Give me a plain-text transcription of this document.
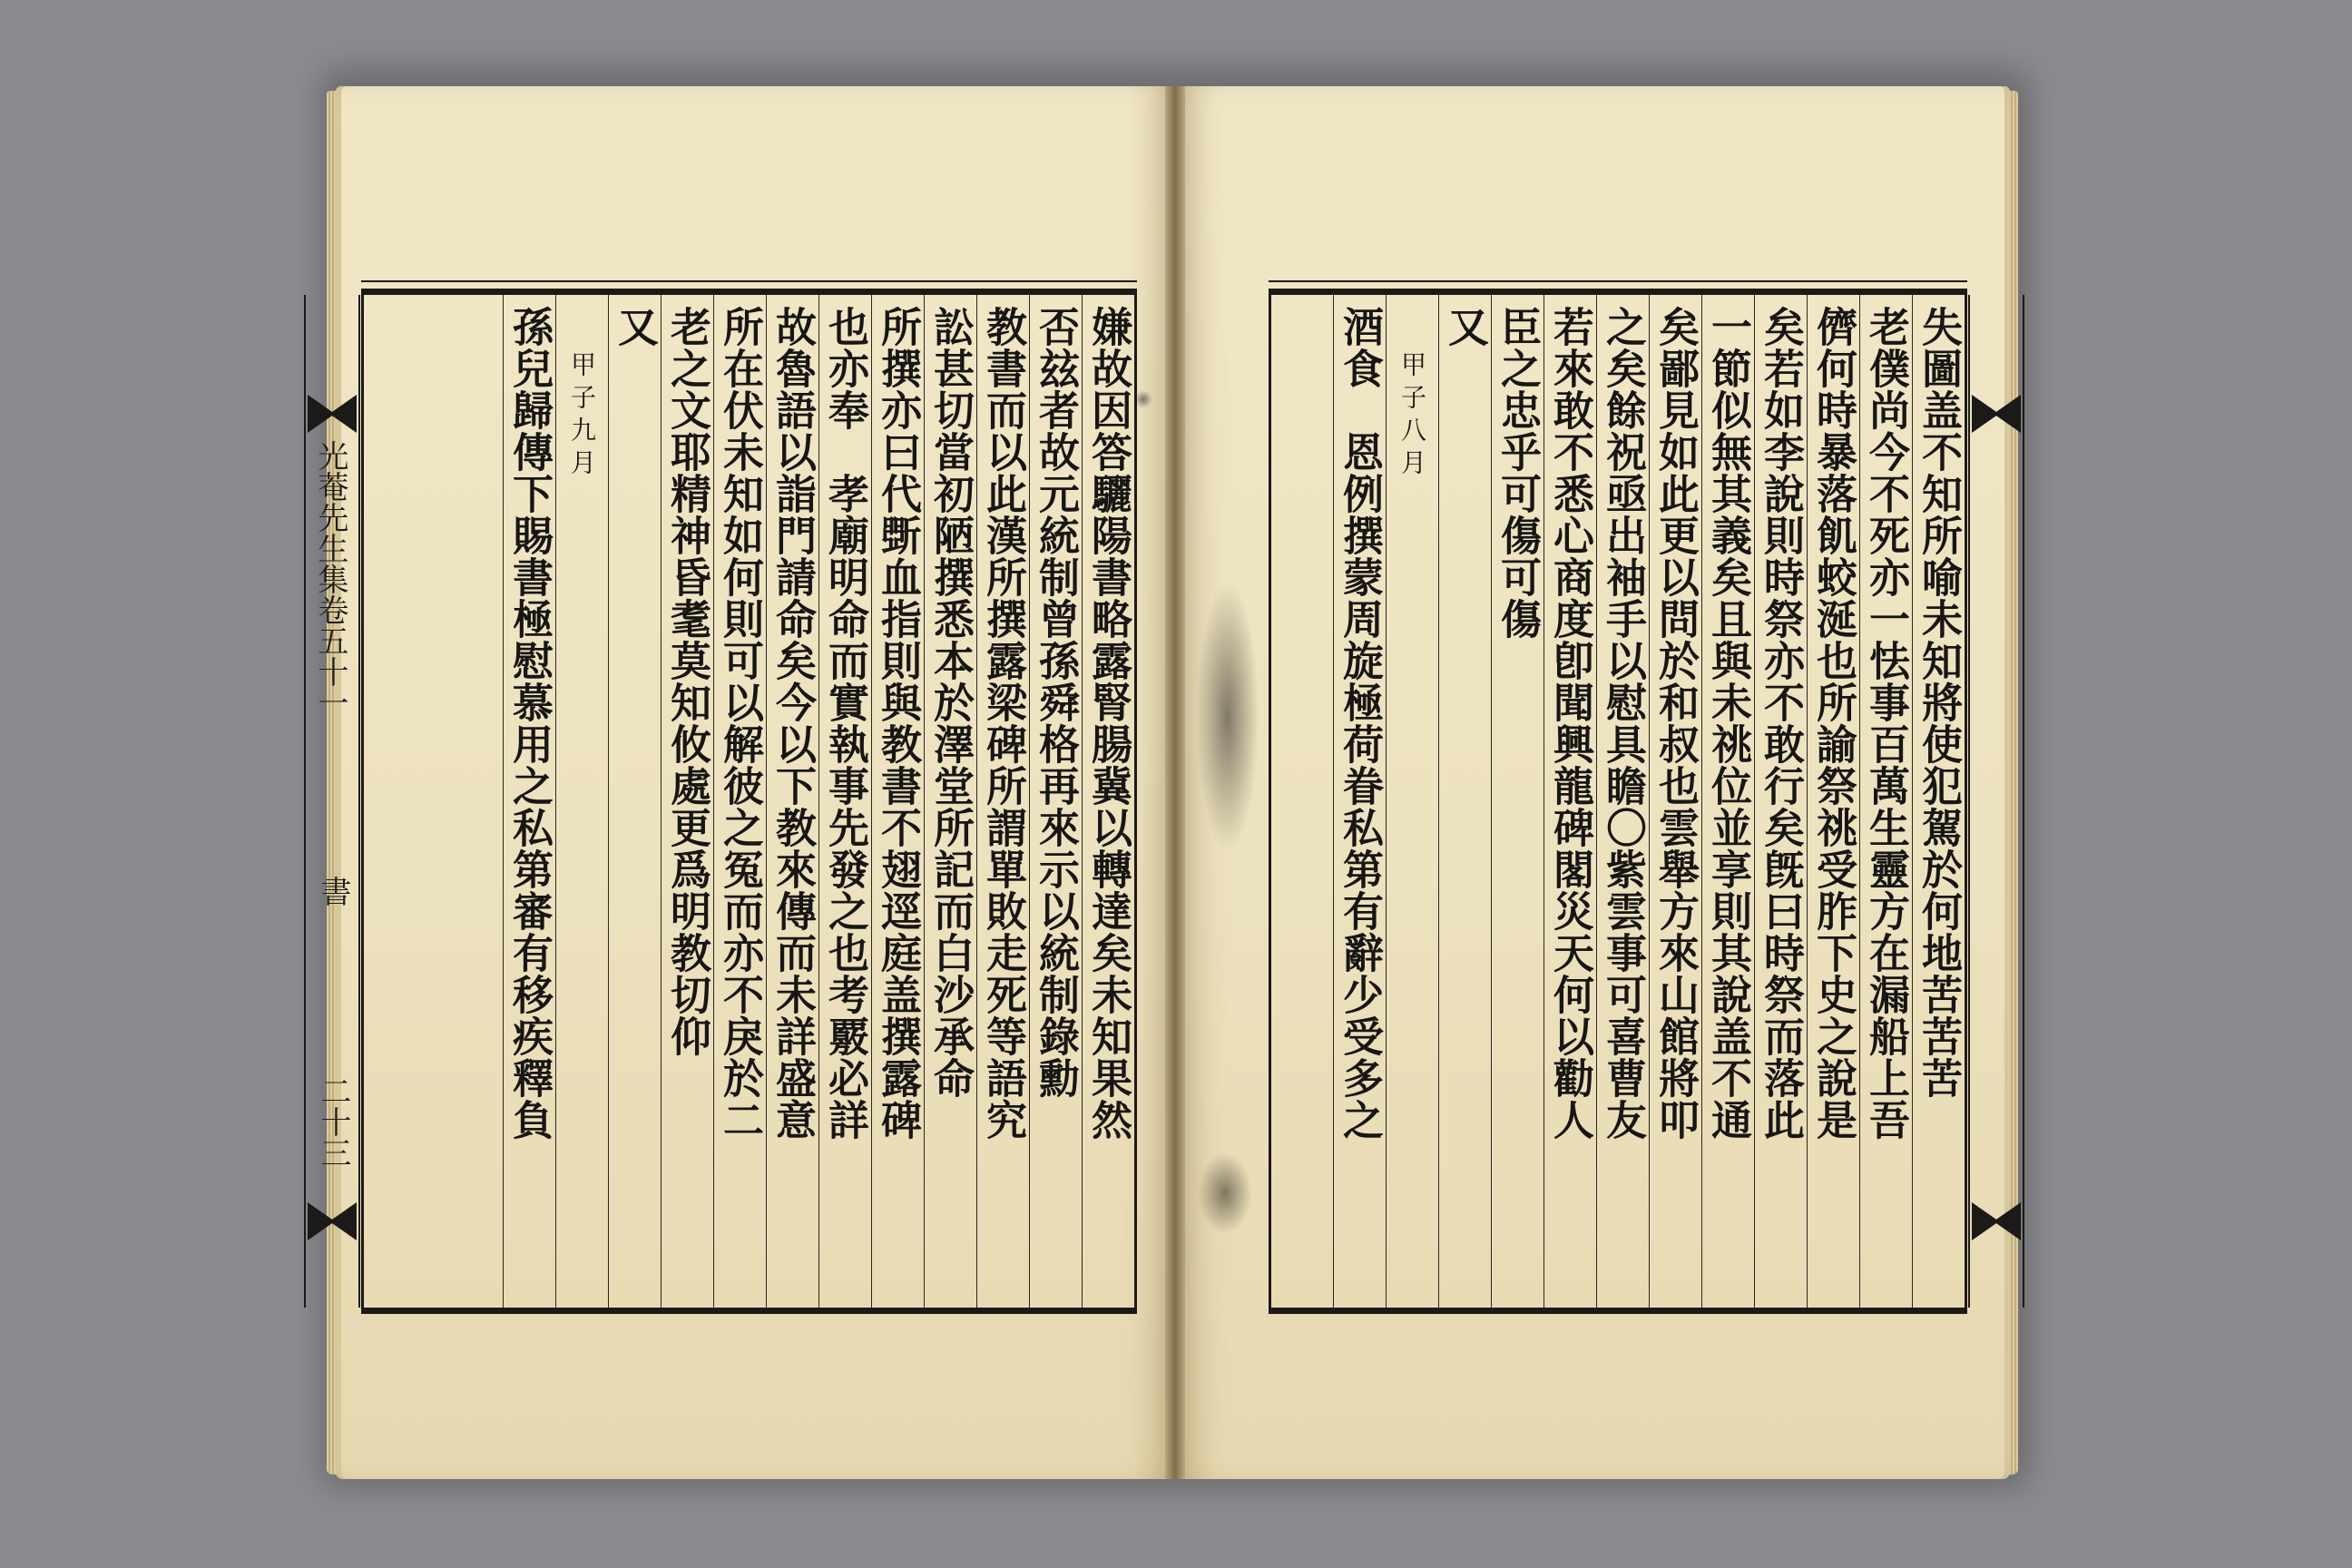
嫌故因答驪陽書略露腎腸冀以轉達矣未知果然
否玆者故元統制曾孫舜格再來示以統制錄勳
教書而以此漢所撰露梁碑所謂單敗走死等語究
訟甚切當初陋撰悉本於澤堂所記而白沙承命
所撰亦曰代斲血指則與教書不翅逕庭盖撰露碑
也亦奉　孝廟明命而實執事先發之也考覈必詳
故魯語以詣門請命矣今以下教來傳而未詳盛意
所在伏未知如何則可以解彼之冤而亦不戾於二
老之文耶精神昏耄莫知攸處更爲明教切仰
又
甲子九月
孫兒歸傳下賜書極慰慕用之私第審有移疾釋負
光菴先生集卷五十一
書
二十三
失圖盖不知所喻未知將使犯駕於何地苦苦苦
老僕尚今不死亦一怯事百萬生靈方在漏船上吾
儕何時暴落飢蛟涎也所諭祭祧受胙下史之說是
矣若如李說則時祭亦不敢行矣旣曰時祭而落此
一節似無其義矣且與未祧位並享則其說盖不通
矣鄙見如此更以問於和叔也雲舉方來山館將叩
之矣餘祝亟出袖手以慰具瞻〇紫雲事可喜曹友
若來敢不悉心商度卽聞興龍碑閣災天何以勸人
臣之忠乎可傷可傷
又
甲子八月
酒食　恩例撰蒙周旋極荷眷私第有辭少受多之
